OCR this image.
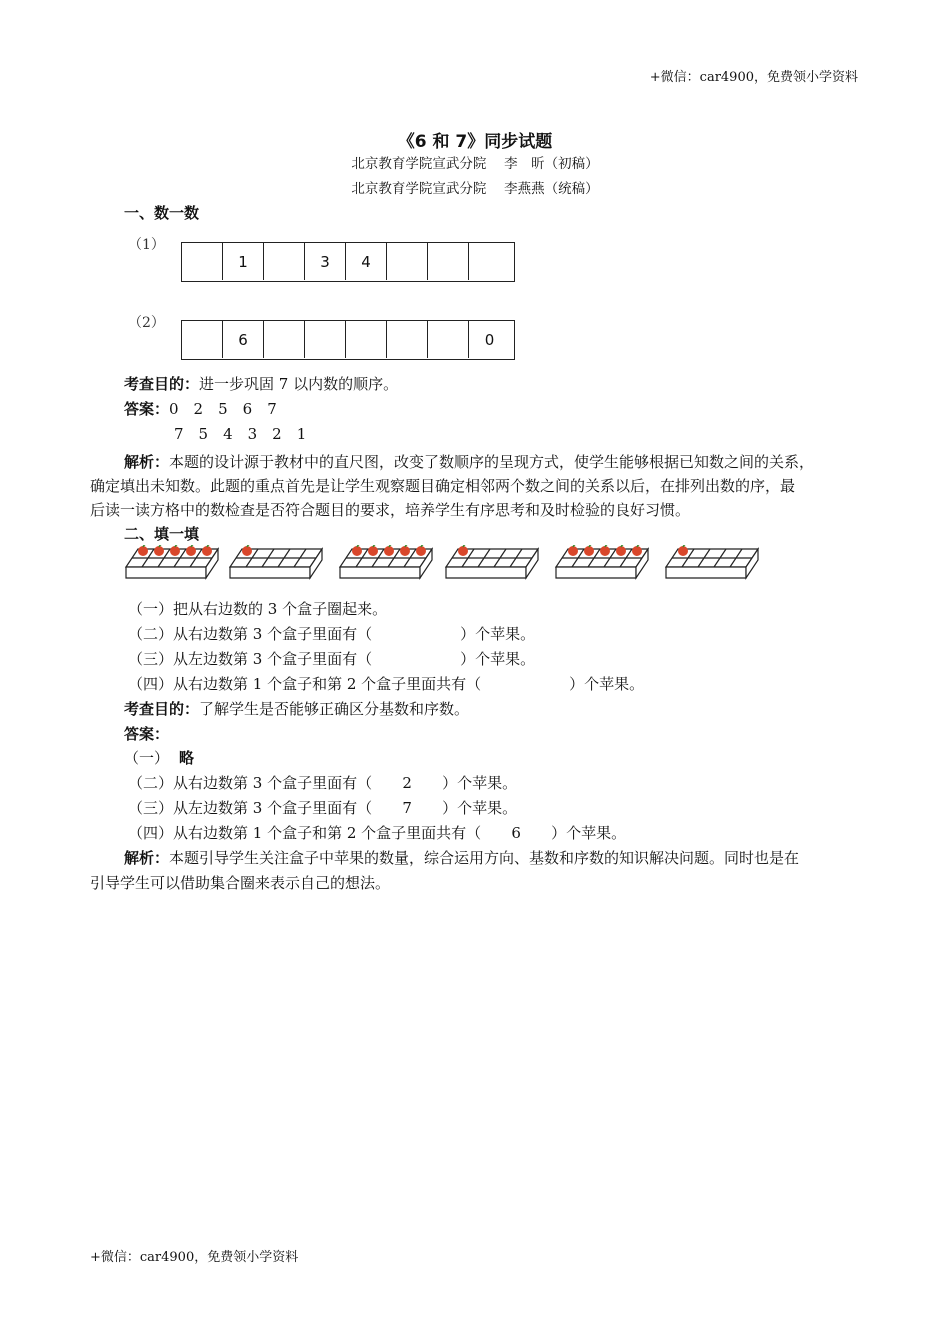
+微信：car4900，免费领小学资料
《6 和 7》同步试题
北京教育学院宣武分院　 李　昕（初稿）
北京教育学院宣武分院　 李燕燕（统稿）
一、数一数
（1）
1	3	4
（2）
6	0
考查目的：进一步巩固 7 以内数的顺序。
答案：0　2　5　6　7
7　5　4　3　2　1
解析：本题的设计源于教材中的直尺图，改变了数顺序的呈现方式，使学生能够根据已知数之间的关系，
确定填出未知数。此题的重点首先是让学生观察题目确定相邻两个数之间的关系以后，在排列出数的序，最
后读一读方格中的数检查是否符合题目的要求，培养学生有序思考和及时检验的良好习惯。
二、填一填
（一）把从右边数的 3 个盒子圈起来。
（二）从右边数第 3 个盒子里面有（	）个苹果。
（三）从左边数第 3 个盒子里面有（	）个苹果。
（四）从右边数第 1 个盒子和第 2 个盒子里面共有（	）个苹果。
考查目的：了解学生是否能够正确区分基数和序数。
答案：
（一） 略
（二）从右边数第 3 个盒子里面有（ 2 ）个苹果。
（三）从左边数第 3 个盒子里面有（ 7 ）个苹果。
（四）从右边数第 1 个盒子和第 2 个盒子里面共有（ 6 ）个苹果。
解析：本题引导学生关注盒子中苹果的数量，综合运用方向、基数和序数的知识解决问题。同时也是在
引导学生可以借助集合圈来表示自己的想法。
+微信：car4900，免费领小学资料
